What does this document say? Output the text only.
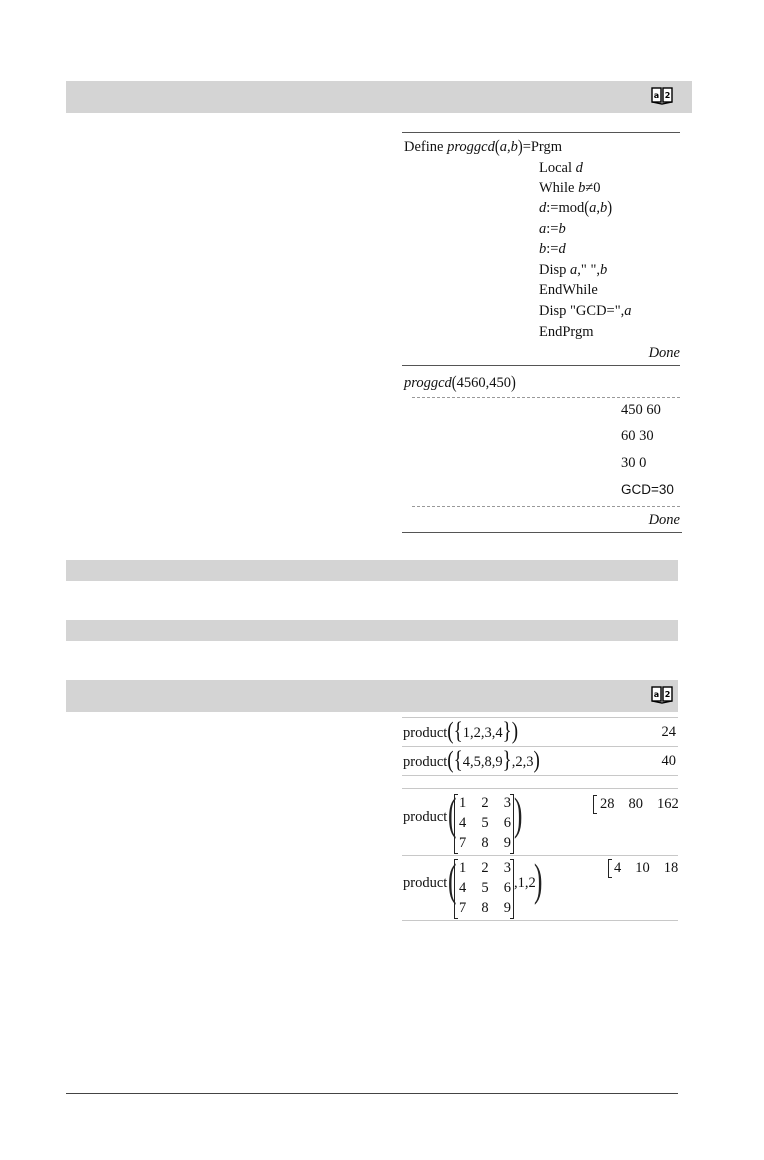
a 2
Define proggcd(a,b)=Prgm
Local d
While b≠0
d:=mod(a,b)
a:=b
b:=d
Disp a," ",b
EndWhile
Disp "GCD=",a
EndPrgm
Done
proggcd(4560,450)
450 60
60 30
30 0
GCD=30
Done
a 2
product({1,2,3,4})	24
product({4,5,8,9},2,3)	40
product ( 1 2 3
4 5 6
7 8 9
)	28 80 162
product ( 1 2 3
4 5 6
7 8 9
,1,2
)	4 10 18
